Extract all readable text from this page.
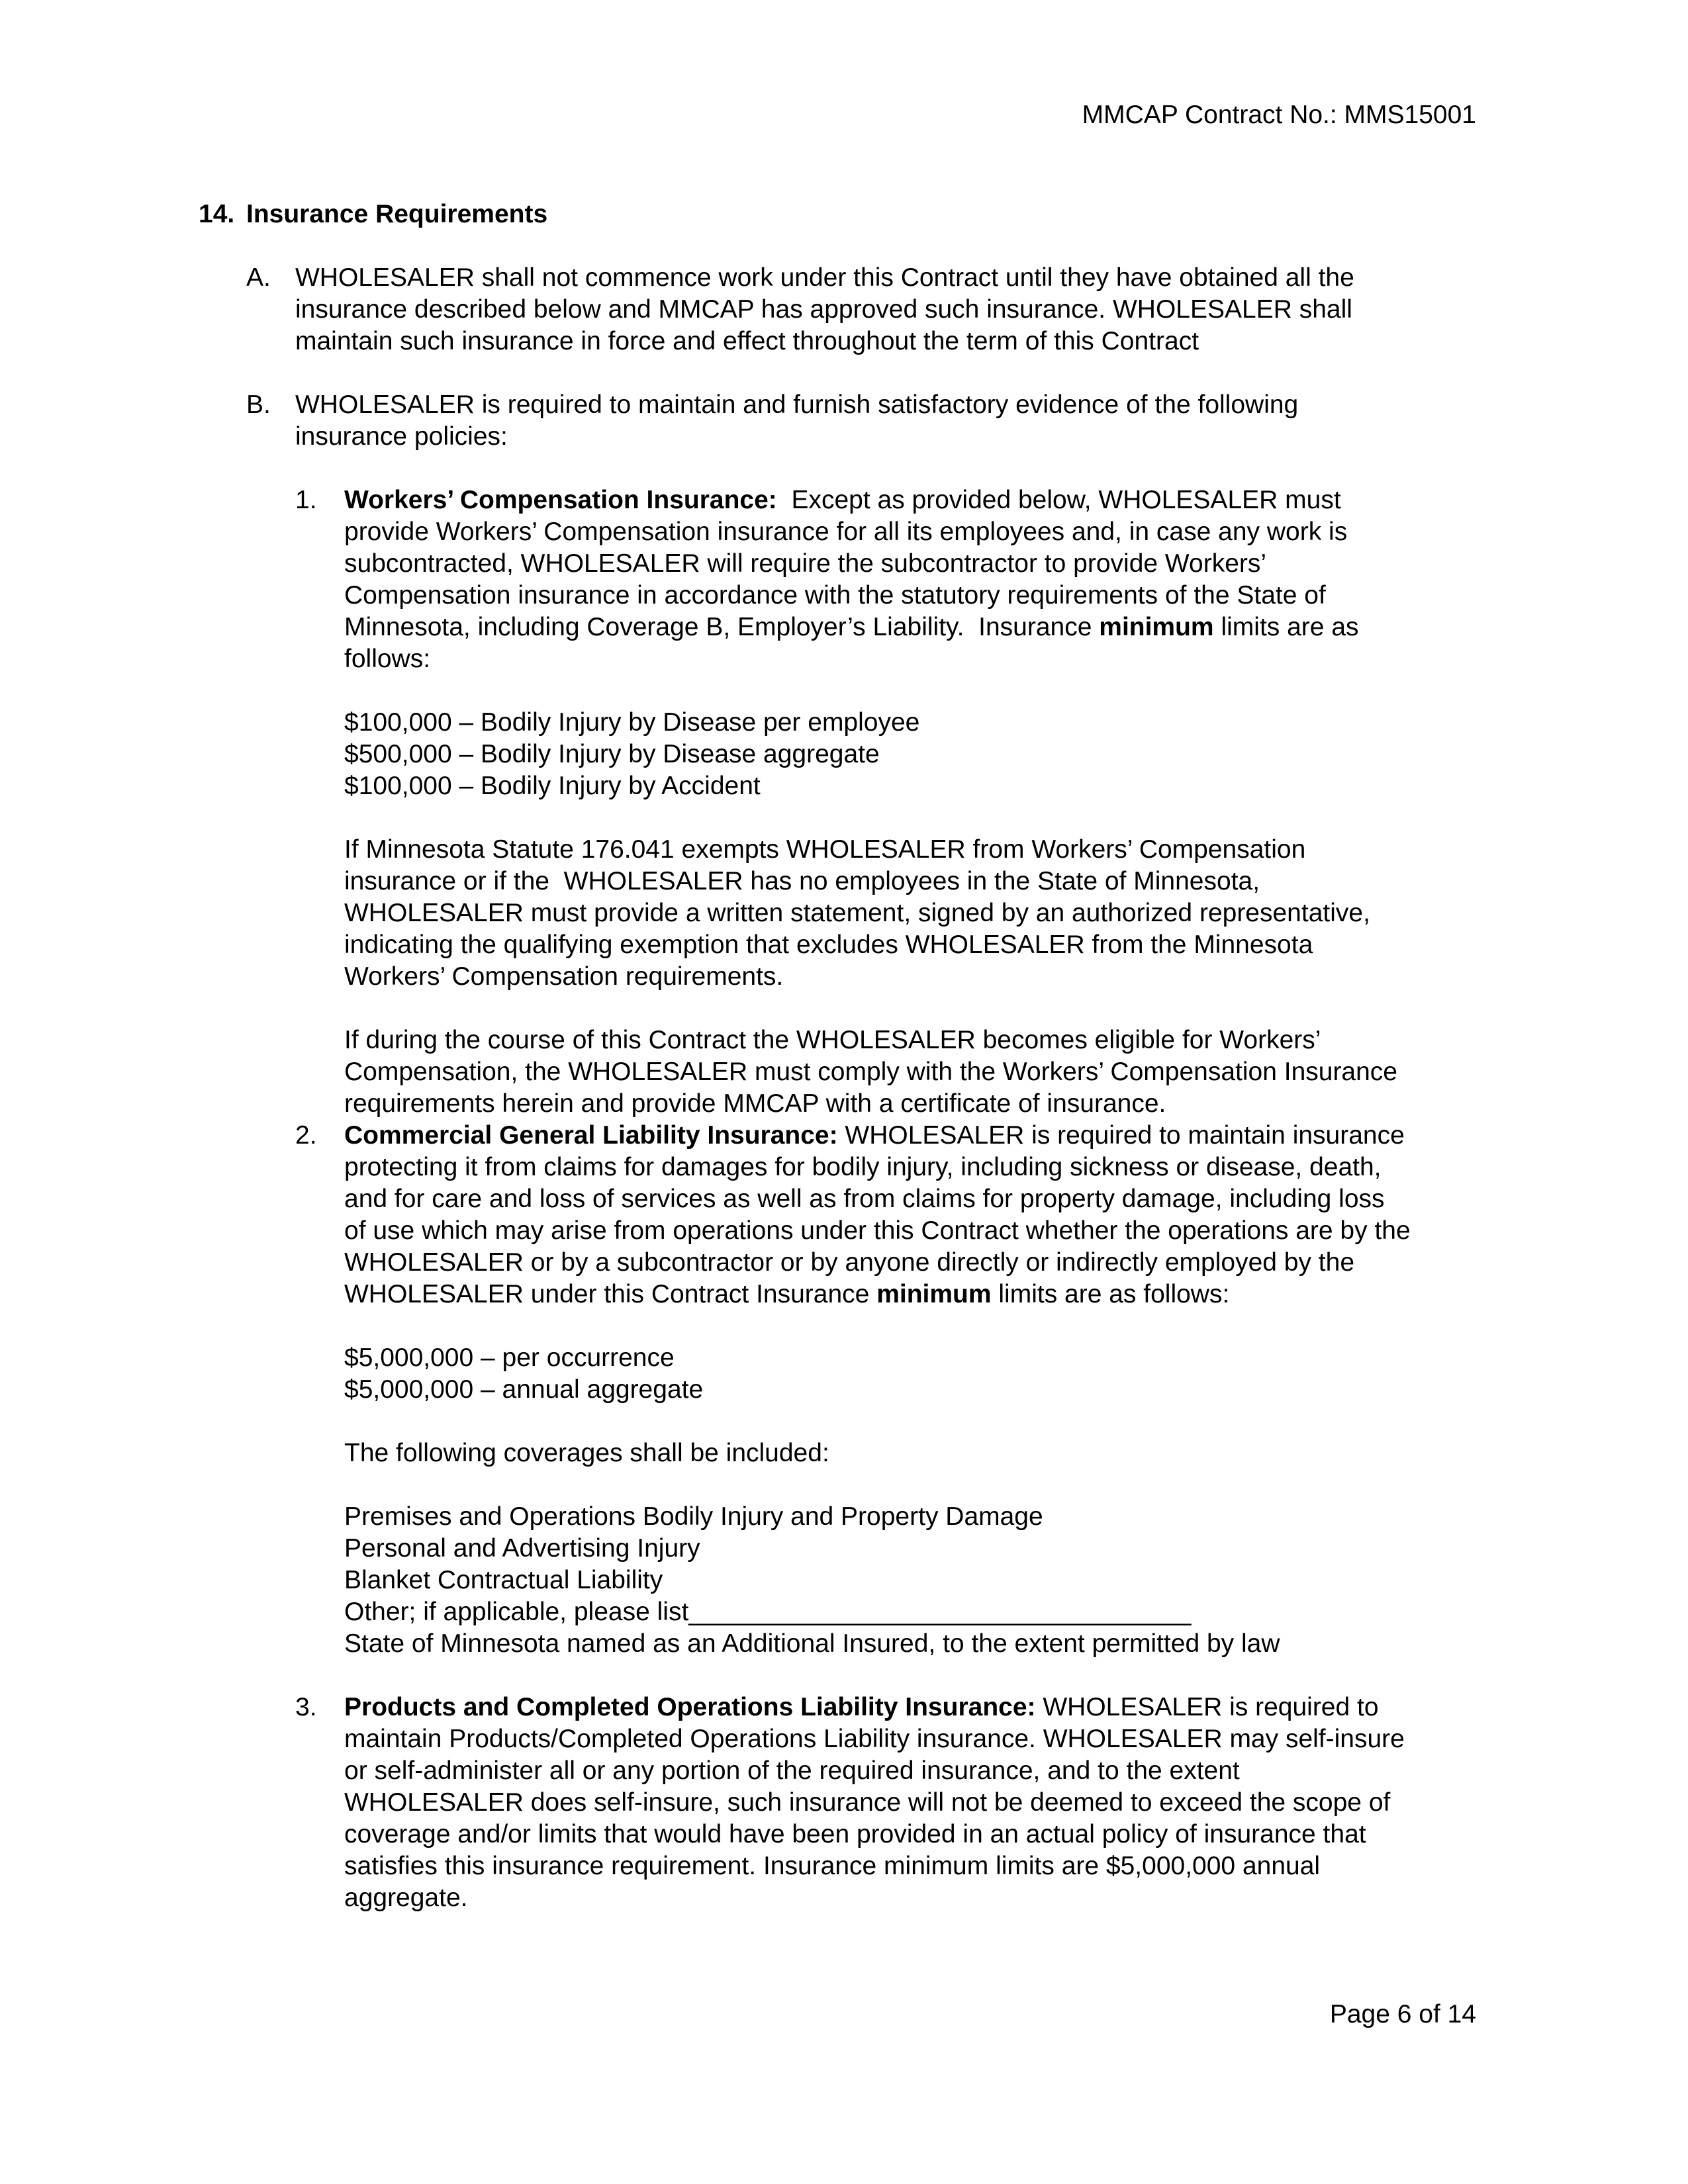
MMCAP Contract No.: MMS15001
14. Insurance Requirements
A. WHOLESALER shall not commence work under this Contract until they have obtained all the
insurance described below and MMCAP has approved such insurance. WHOLESALER shall
maintain such insurance in force and effect throughout the term of this Contract
B. WHOLESALER is required to maintain and furnish satisfactory evidence of the following
insurance policies:
1. Workers’ Compensation Insurance:  Except as provided below, WHOLESALER must
provide Workers’ Compensation insurance for all its employees and, in case any work is
subcontracted, WHOLESALER will require the subcontractor to provide Workers’
Compensation insurance in accordance with the statutory requirements of the State of
Minnesota, including Coverage B, Employer’s Liability.  Insurance minimum limits are as
follows:
$100,000 – Bodily Injury by Disease per employee
$500,000 – Bodily Injury by Disease aggregate
$100,000 – Bodily Injury by Accident
If Minnesota Statute 176.041 exempts WHOLESALER from Workers’ Compensation
insurance or if the  WHOLESALER has no employees in the State of Minnesota,
WHOLESALER must provide a written statement, signed by an authorized representative,
indicating the qualifying exemption that excludes WHOLESALER from the Minnesota
Workers’ Compensation requirements.
If during the course of this Contract the WHOLESALER becomes eligible for Workers’
Compensation, the WHOLESALER must comply with the Workers’ Compensation Insurance
requirements herein and provide MMCAP with a certificate of insurance.
2. Commercial General Liability Insurance: WHOLESALER is required to maintain insurance
protecting it from claims for damages for bodily injury, including sickness or disease, death,
and for care and loss of services as well as from claims for property damage, including loss
of use which may arise from operations under this Contract whether the operations are by the
WHOLESALER or by a subcontractor or by anyone directly or indirectly employed by the
WHOLESALER under this Contract Insurance minimum limits are as follows:
$5,000,000 – per occurrence
$5,000,000 – annual aggregate
The following coverages shall be included:
Premises and Operations Bodily Injury and Property Damage
Personal and Advertising Injury
Blanket Contractual Liability
Other; if applicable, please list___________________________________
State of Minnesota named as an Additional Insured, to the extent permitted by law
3. Products and Completed Operations Liability Insurance: WHOLESALER is required to
maintain Products/Completed Operations Liability insurance. WHOLESALER may self-insure
or self-administer all or any portion of the required insurance, and to the extent
WHOLESALER does self-insure, such insurance will not be deemed to exceed the scope of
coverage and/or limits that would have been provided in an actual policy of insurance that
satisfies this insurance requirement. Insurance minimum limits are $5,000,000 annual
aggregate.
Page 6 of 14
